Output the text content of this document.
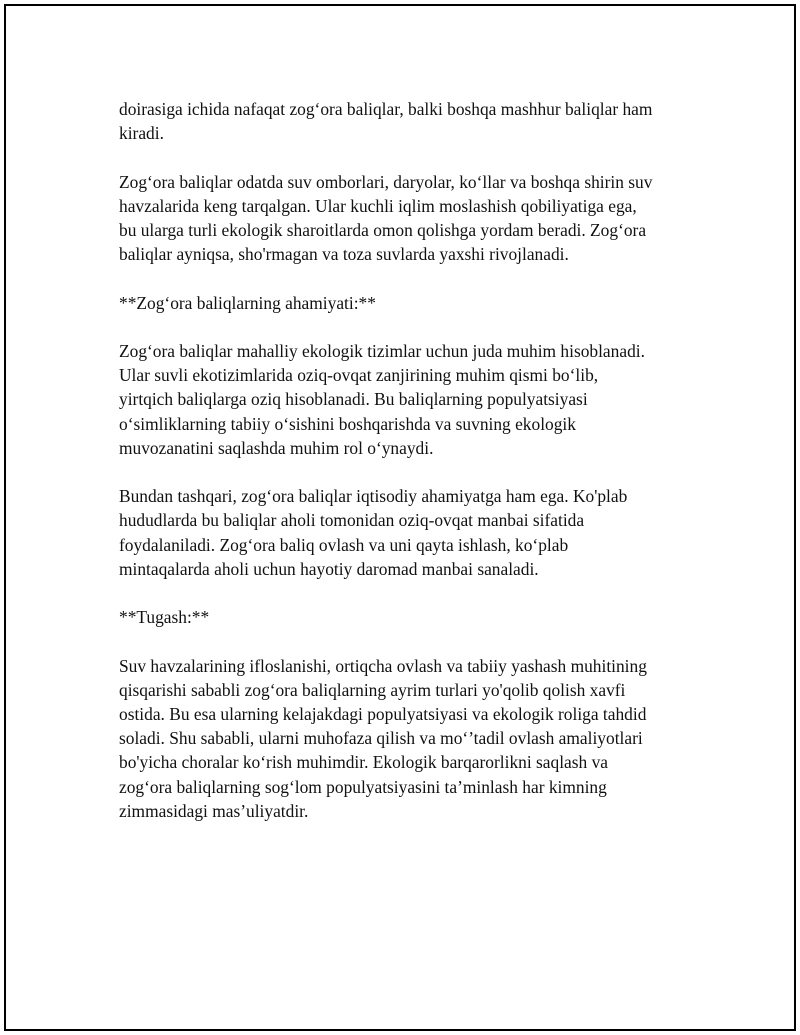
doirasiga ichida nafaqat zog‘ora baliqlar, balki boshqa mashhur baliqlar ham
kiradi.

Zog‘ora baliqlar odatda suv omborlari, daryolar, ko‘llar va boshqa shirin suv
havzalarida keng tarqalgan. Ular kuchli iqlim moslashish qobiliyatiga ega,
bu ularga turli ekologik sharoitlarda omon qolishga yordam beradi. Zog‘ora
baliqlar ayniqsa, sho'rmagan va toza suvlarda yaxshi rivojlanadi.

**Zog‘ora baliqlarning ahamiyati:**

Zog‘ora baliqlar mahalliy ekologik tizimlar uchun juda muhim hisoblanadi.
Ular suvli ekotizimlarida oziq-ovqat zanjirining muhim qismi bo‘lib,
yirtqich baliqlarga oziq hisoblanadi. Bu baliqlarning populyatsiyasi
o‘simliklarning tabiiy o‘sishini boshqarishda va suvning ekologik
muvozanatini saqlashda muhim rol o‘ynaydi.

Bundan tashqari, zog‘ora baliqlar iqtisodiy ahamiyatga ham ega. Ko'plab
hududlarda bu baliqlar aholi tomonidan oziq-ovqat manbai sifatida
foydalaniladi. Zog‘ora baliq ovlash va uni qayta ishlash, ko‘plab
mintaqalarda aholi uchun hayotiy daromad manbai sanaladi.

**Tugash:**

Suv havzalarining ifloslanishi, ortiqcha ovlash va tabiiy yashash muhitining
qisqarishi sababli zog‘ora baliqlarning ayrim turlari yo'qolib qolish xavfi
ostida. Bu esa ularning kelajakdagi populyatsiyasi va ekologik roliga tahdid
soladi. Shu sababli, ularni muhofaza qilish va mo‘’tadil ovlash amaliyotlari
bo'yicha choralar ko‘rish muhimdir. Ekologik barqarorlikni saqlash va
zog‘ora baliqlarning sog‘lom populyatsiyasini ta’minlash har kimning
zimmasidagi mas’uliyatdir.
